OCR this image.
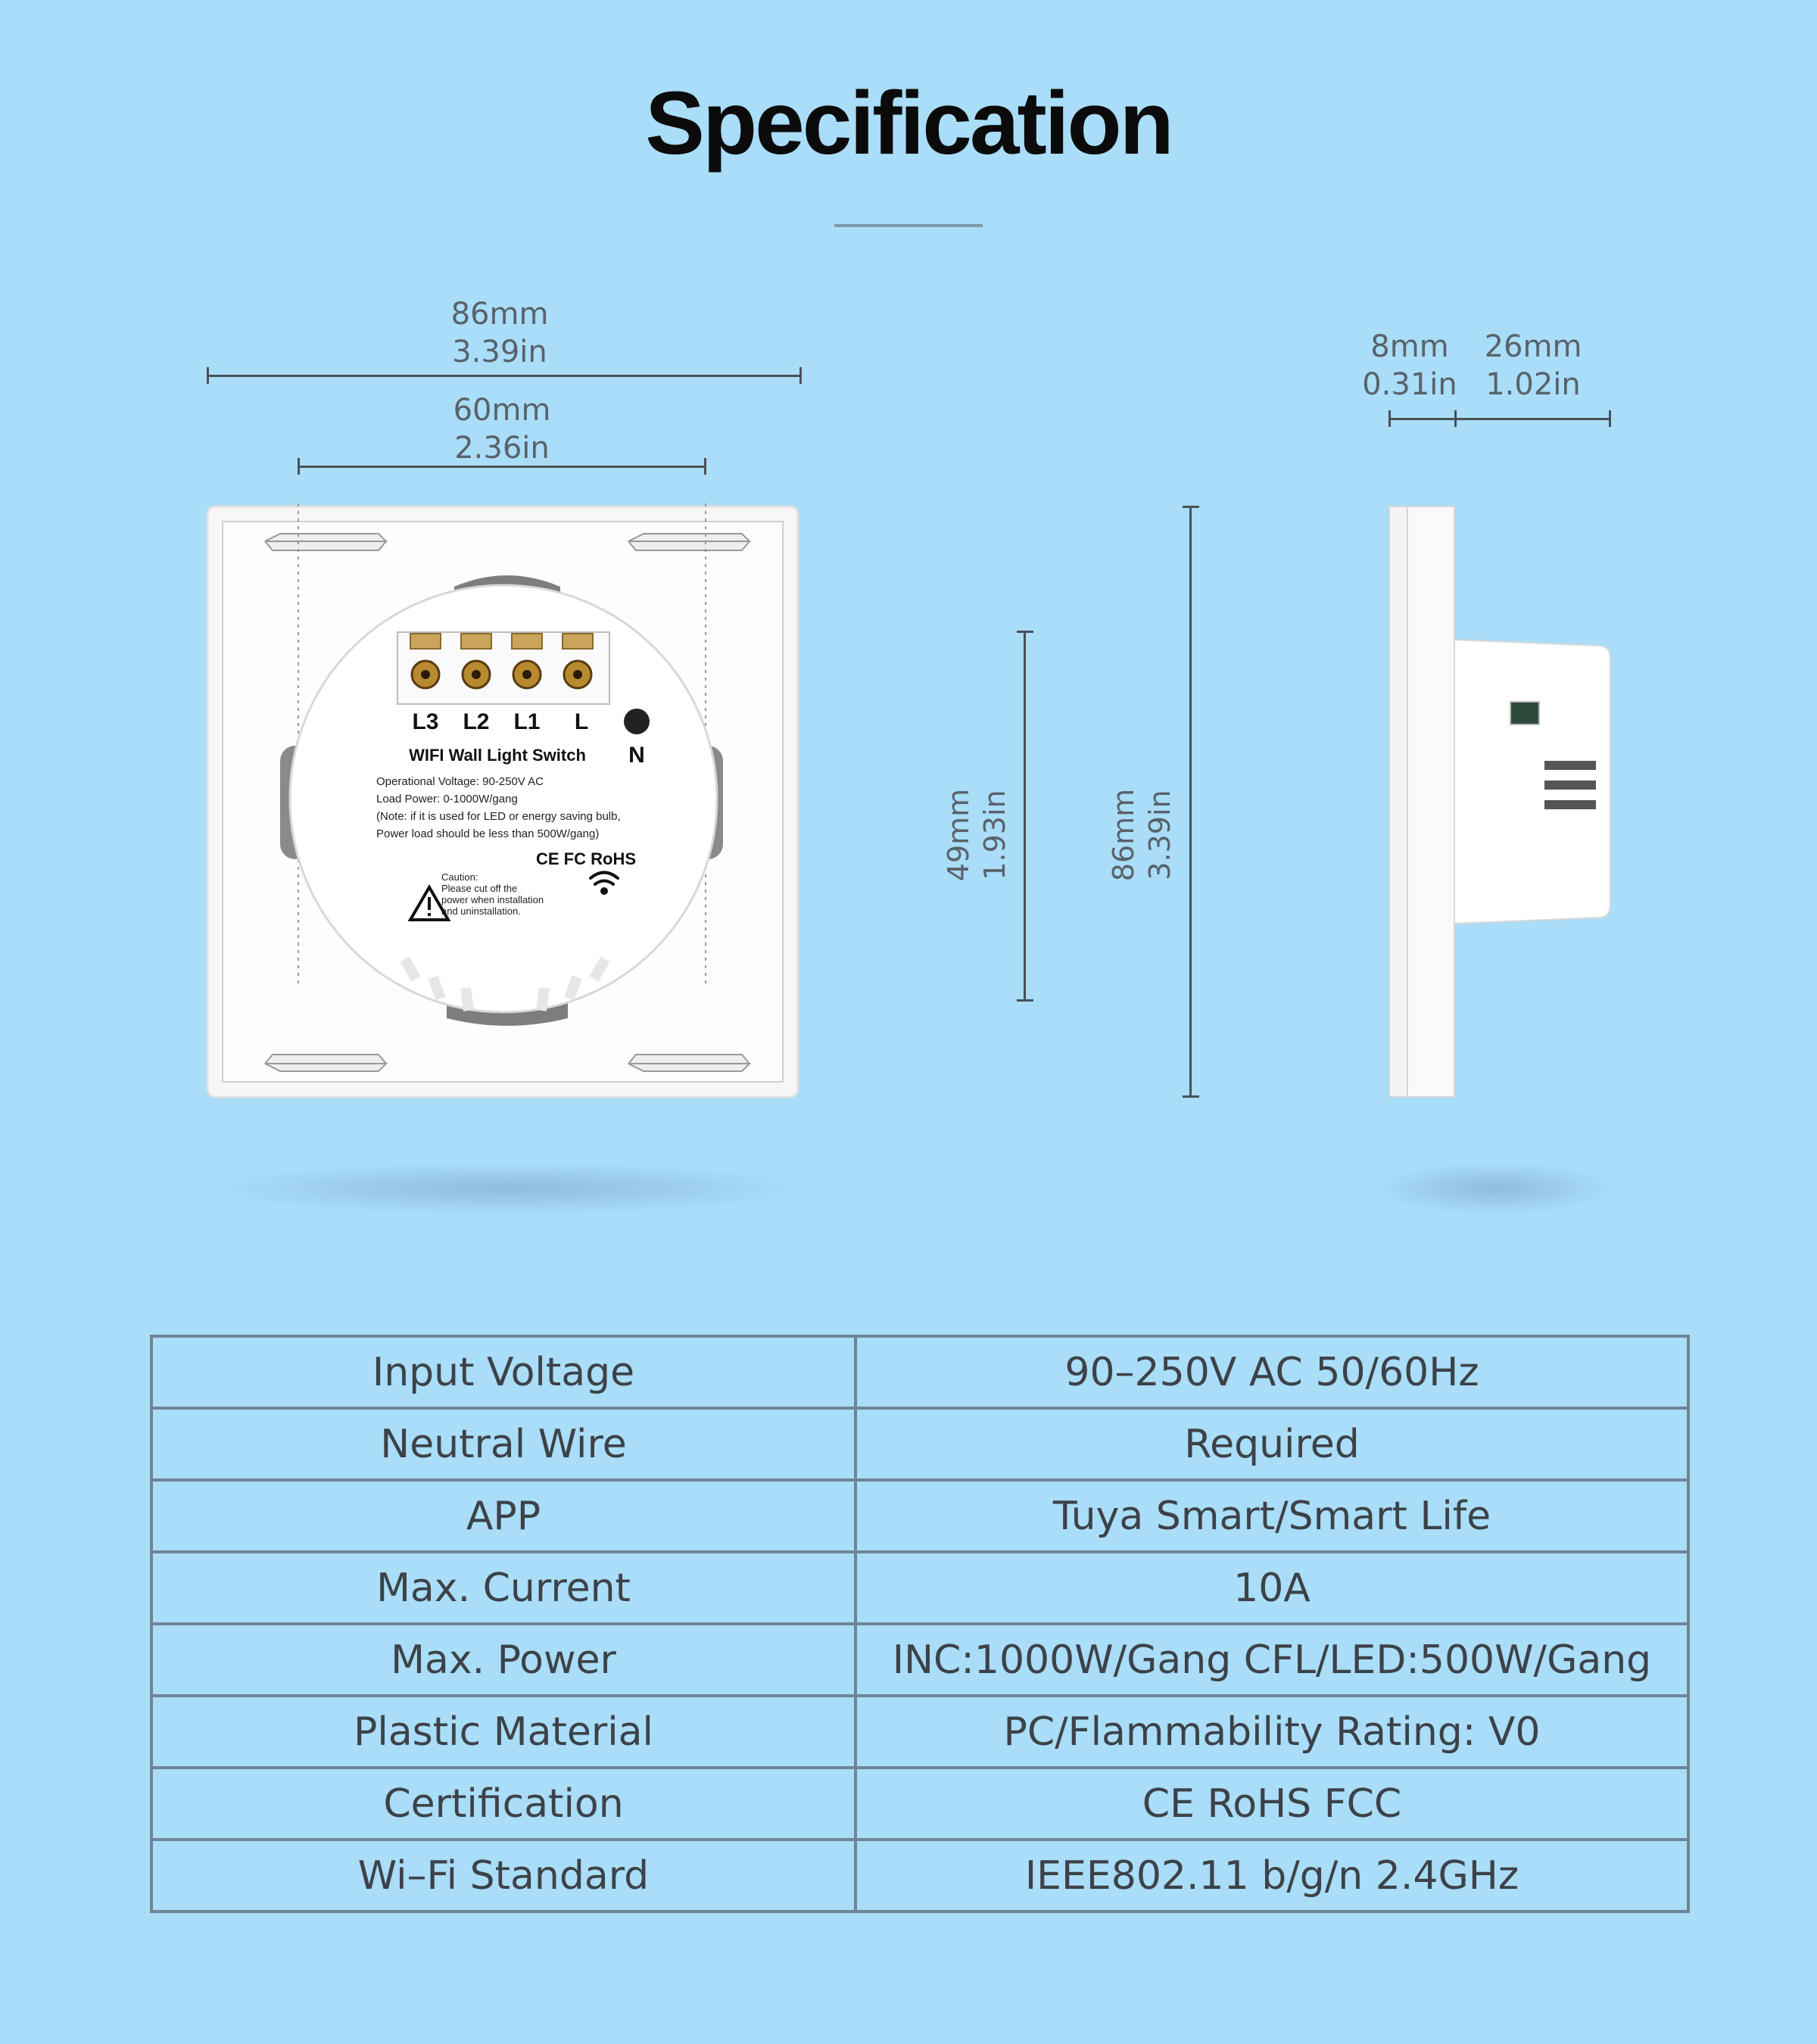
Specification
86mm
3.39in
60mm
2.36in
L3 L2 L1 L
N
WIFI Wall Light Switch
Operational Voltage: 90-250V AC
Load Power: 0-1000W/gang
(Note: if it is used for LED or energy saving bulb,
Power load should be less than 500W/gang)
CE FC RoHS
Caution:
Please cut off the
power when installation
and uninstallation.
49mm 1.93in	86mm 3.39in
8mm
0.31in
26mm
1.02in
Input Voltage	90–250V AC 50/60Hz
Neutral Wire	Required
APP	Tuya Smart/Smart Life
Max. Current	10A
Max. Power	INC:1000W/Gang CFL/LED:500W/Gang
Plastic Material	PC/Flammability Rating: V0
Certification	CE RoHS FCC
Wi–Fi Standard	IEEE802.11 b/g/n 2.4GHz
